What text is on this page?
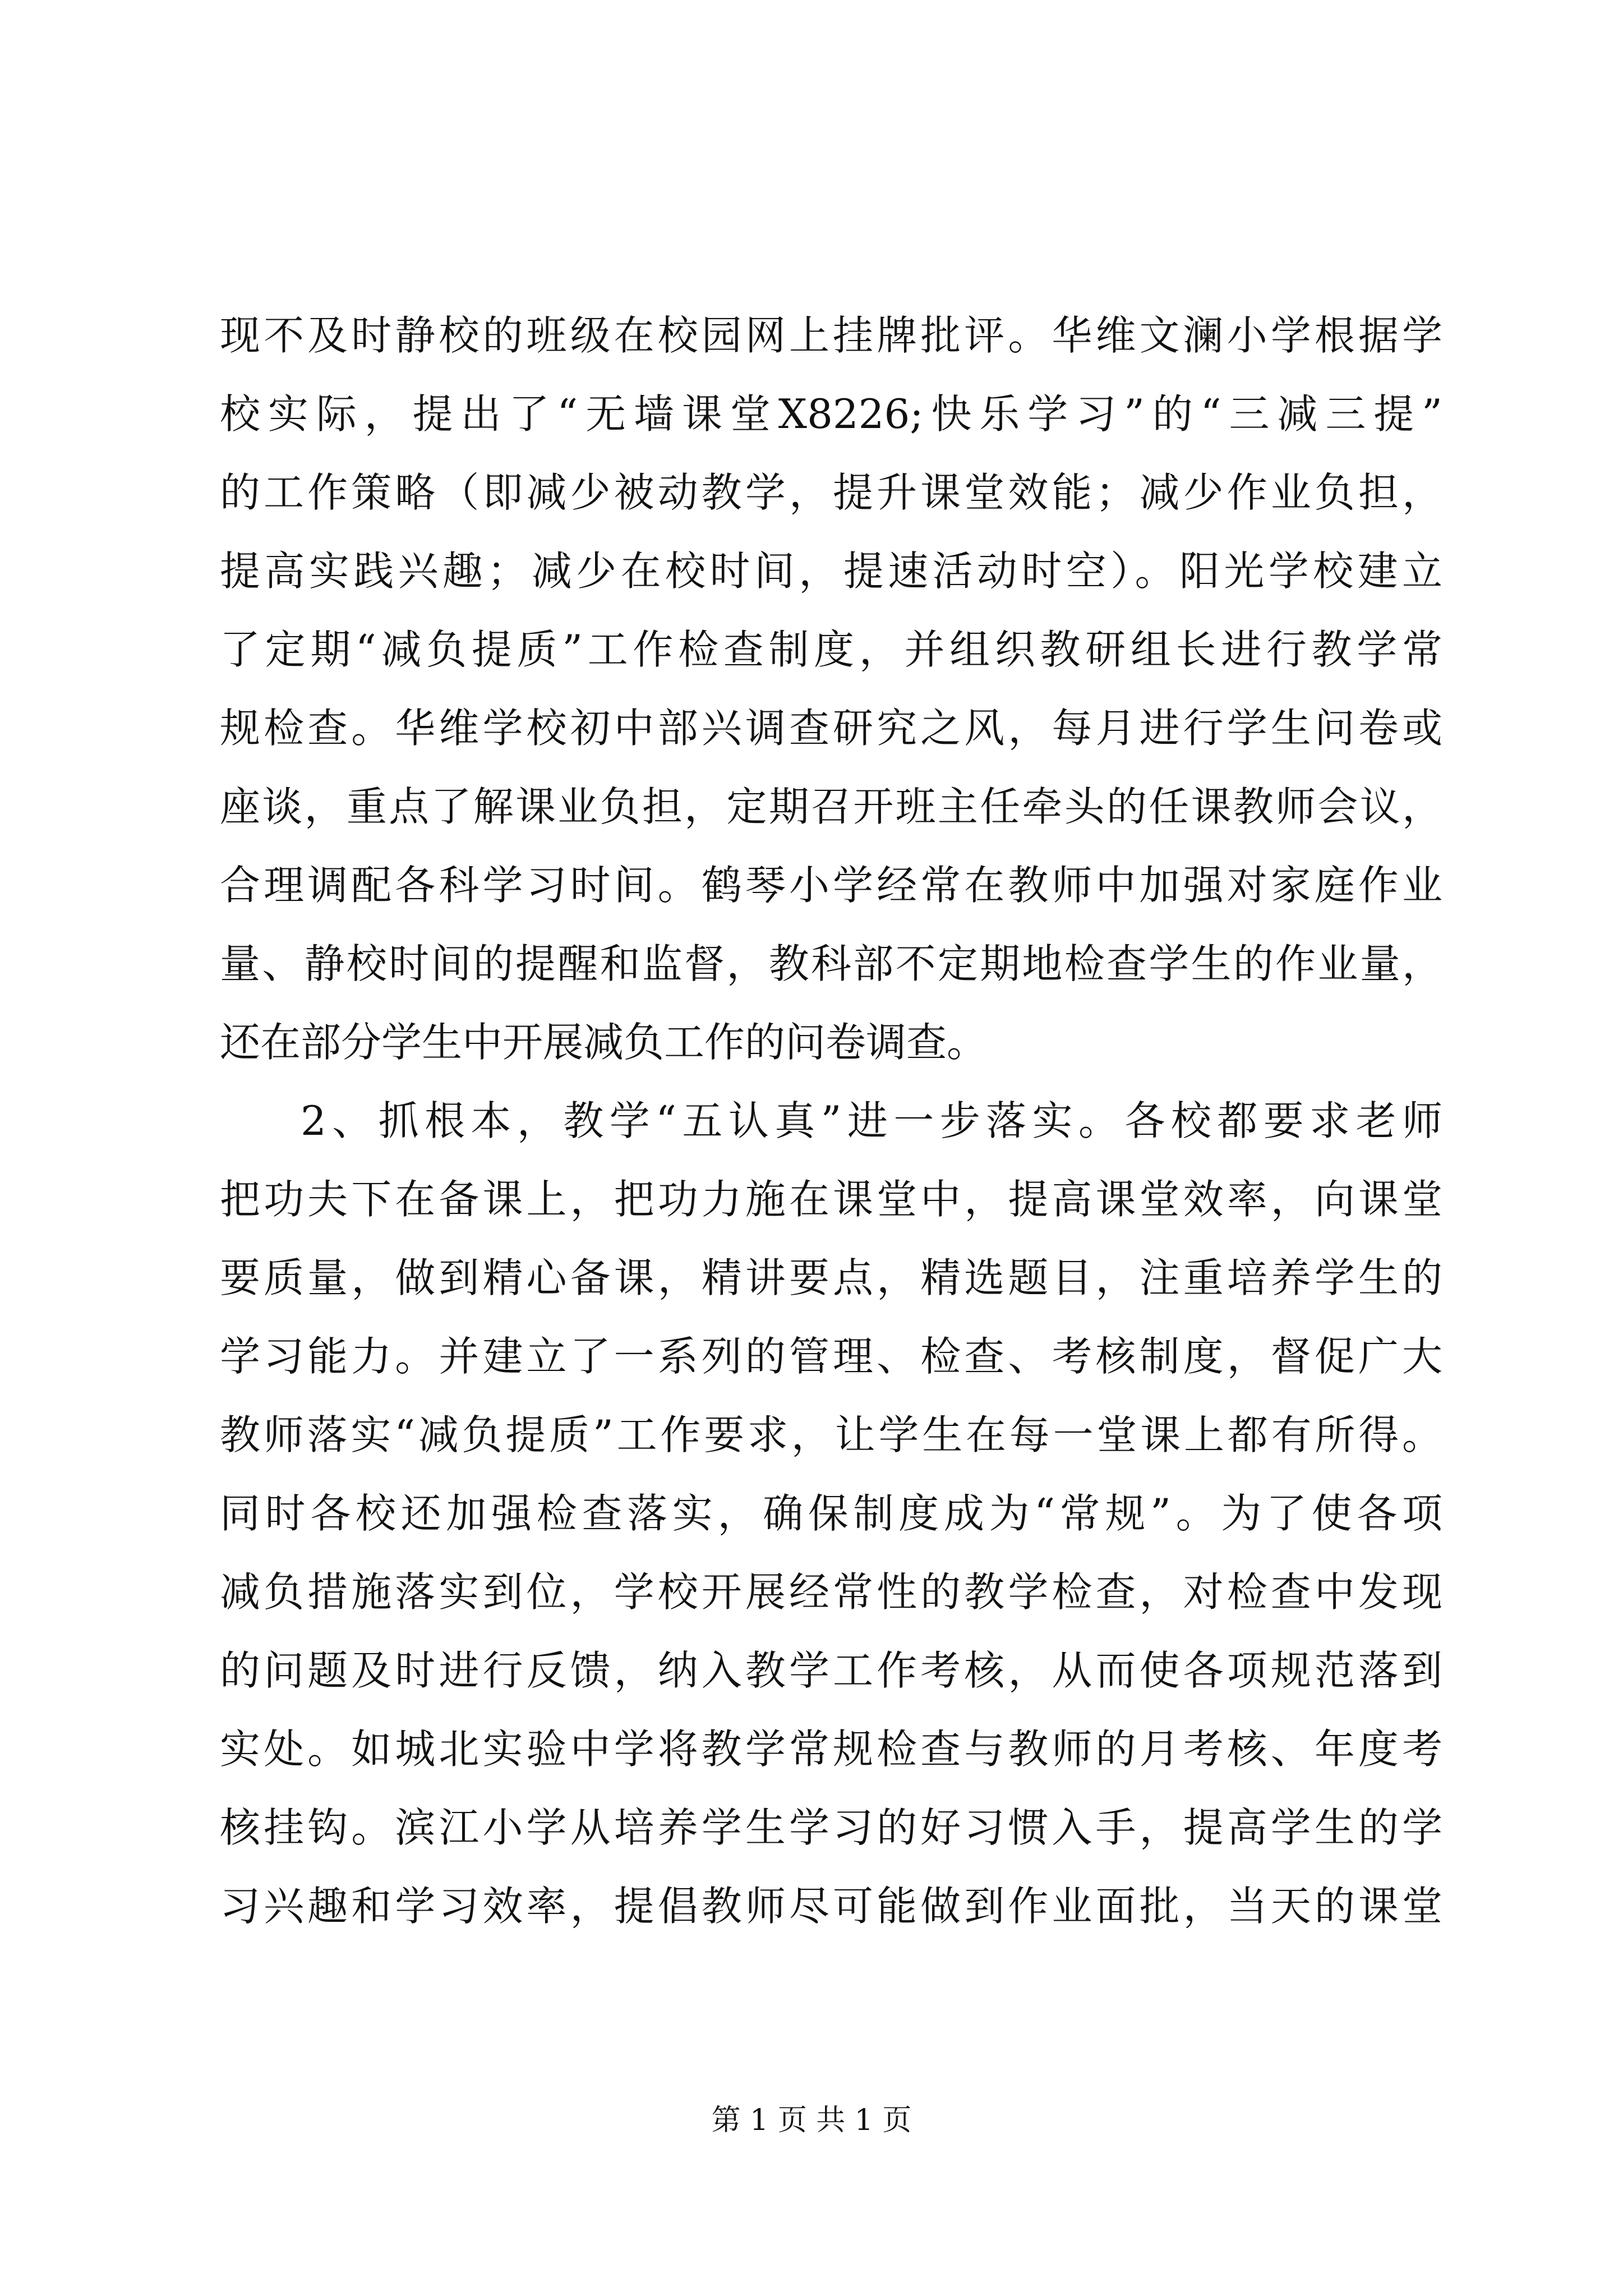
现不及时静校的班级在校园网上挂牌批评。华维文澜小学根据学
校实际，提出了“无墙课堂X8226;快乐学习”的“三减三提”
的工作策略（即减少被动教学，提升课堂效能；减少作业负担，
提高实践兴趣；减少在校时间，提速活动时空）。阳光学校建立
了定期“减负提质”工作检查制度，并组织教研组长进行教学常
规检查。华维学校初中部兴调查研究之风，每月进行学生问卷或
座谈，重点了解课业负担，定期召开班主任牵头的任课教师会议，
合理调配各科学习时间。鹤琴小学经常在教师中加强对家庭作业
量、静校时间的提醒和监督，教科部不定期地检查学生的作业量，
还在部分学生中开展减负工作的问卷调查。
2、抓根本，教学“五认真”进一步落实。各校都要求老师
把功夫下在备课上，把功力施在课堂中，提高课堂效率，向课堂
要质量，做到精心备课，精讲要点，精选题目，注重培养学生的
学习能力。并建立了一系列的管理、检查、考核制度，督促广大
教师落实“减负提质”工作要求，让学生在每一堂课上都有所得。
同时各校还加强检查落实，确保制度成为“常规”。为了使各项
减负措施落实到位，学校开展经常性的教学检查，对检查中发现
的问题及时进行反馈，纳入教学工作考核，从而使各项规范落到
实处。如城北实验中学将教学常规检查与教师的月考核、年度考
核挂钩。滨江小学从培养学生学习的好习惯入手，提高学生的学
习兴趣和学习效率，提倡教师尽可能做到作业面批，当天的课堂
第 1 页 共 1 页
